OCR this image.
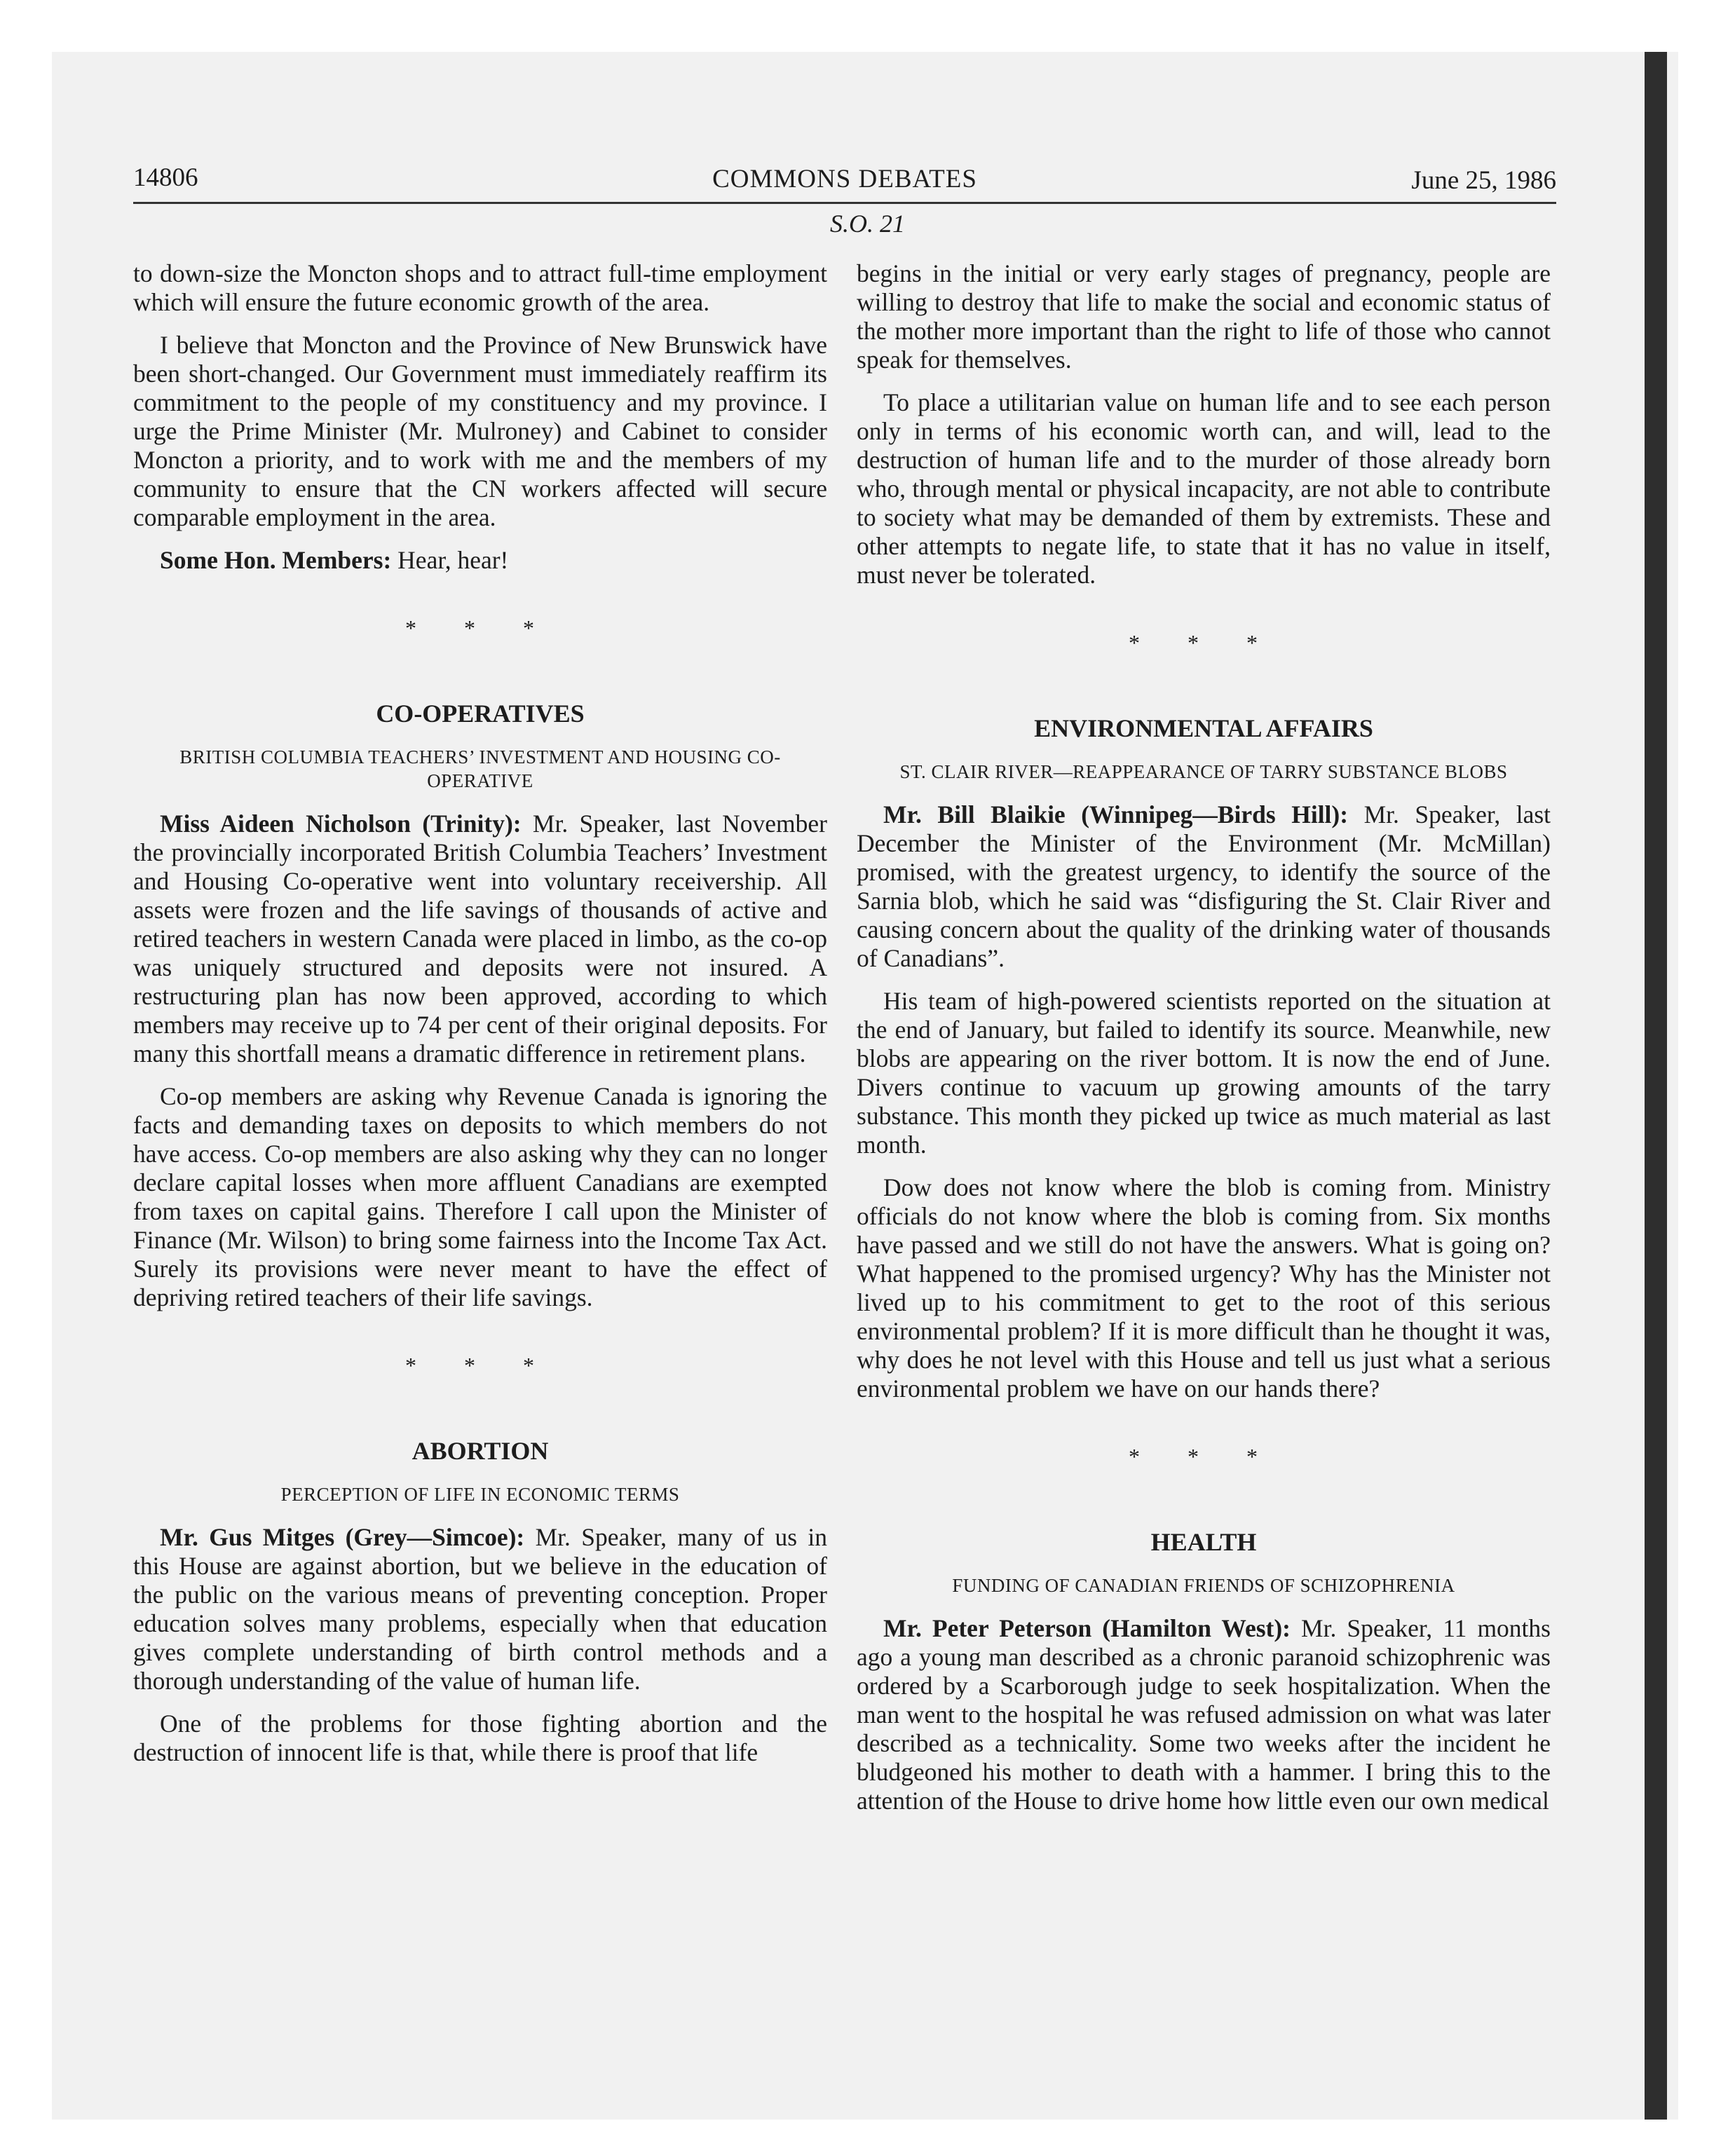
14806	COMMONS DEBATES	June 25, 1986
S.O. 21

to down-size the Moncton shops and to attract full-time employment which will ensure the future economic growth of the area.

I believe that Moncton and the Province of New Brunswick have been short-changed. Our Government must immediately reaffirm its commitment to the people of my constituency and my province. I urge the Prime Minister (Mr. Mulroney) and Cabinet to consider Moncton a priority, and to work with me and the members of my community to ensure that the CN workers affected will secure comparable employment in the area.

Some Hon. Members: Hear, hear!

* * *
CO-OPERATIVES
BRITISH COLUMBIA TEACHERS’ INVESTMENT AND HOUSING CO-OPERATIVE

Miss Aideen Nicholson (Trinity): Mr. Speaker, last November the provincially incorporated British Columbia Teachers’ Investment and Housing Co-operative went into voluntary receivership. All assets were frozen and the life savings of thousands of active and retired teachers in western Canada were placed in limbo, as the co-op was uniquely structured and deposits were not insured. A restructuring plan has now been approved, according to which members may receive up to 74 per cent of their original deposits. For many this shortfall means a dramatic difference in retirement plans.

Co-op members are asking why Revenue Canada is ignoring the facts and demanding taxes on deposits to which members do not have access. Co-op members are also asking why they can no longer declare capital losses when more affluent Canadians are exempted from taxes on capital gains. Therefore I call upon the Minister of Finance (Mr. Wilson) to bring some fairness into the Income Tax Act. Surely its provisions were never meant to have the effect of depriving retired teachers of their life savings.

* * *
ABORTION
PERCEPTION OF LIFE IN ECONOMIC TERMS

Mr. Gus Mitges (Grey—Simcoe): Mr. Speaker, many of us in this House are against abortion, but we believe in the education of the public on the various means of preventing conception. Proper education solves many problems, especially when that education gives complete understanding of birth control methods and a thorough understanding of the value of human life.

One of the problems for those fighting abortion and the destruction of innocent life is that, while there is proof that life

begins in the initial or very early stages of pregnancy, people are willing to destroy that life to make the social and economic status of the mother more important than the right to life of those who cannot speak for themselves.

To place a utilitarian value on human life and to see each person only in terms of his economic worth can, and will, lead to the destruction of human life and to the murder of those already born who, through mental or physical incapacity, are not able to contribute to society what may be demanded of them by extremists. These and other attempts to negate life, to state that it has no value in itself, must never be tolerated.

* * *
ENVIRONMENTAL AFFAIRS
ST. CLAIR RIVER—REAPPEARANCE OF TARRY SUBSTANCE BLOBS

Mr. Bill Blaikie (Winnipeg—Birds Hill): Mr. Speaker, last December the Minister of the Environment (Mr. McMillan) promised, with the greatest urgency, to identify the source of the Sarnia blob, which he said was “disfiguring the St. Clair River and causing concern about the quality of the drinking water of thousands of Canadians”.

His team of high-powered scientists reported on the situation at the end of January, but failed to identify its source. Meanwhile, new blobs are appearing on the river bottom. It is now the end of June. Divers continue to vacuum up growing amounts of the tarry substance. This month they picked up twice as much material as last month.

Dow does not know where the blob is coming from. Ministry officials do not know where the blob is coming from. Six months have passed and we still do not have the answers. What is going on? What happened to the promised urgency? Why has the Minister not lived up to his commitment to get to the root of this serious environmental problem? If it is more difficult than he thought it was, why does he not level with this House and tell us just what a serious environmental problem we have on our hands there?

* * *
HEALTH
FUNDING OF CANADIAN FRIENDS OF SCHIZOPHRENIA

Mr. Peter Peterson (Hamilton West): Mr. Speaker, 11 months ago a young man described as a chronic paranoid schizophrenic was ordered by a Scarborough judge to seek hospitalization. When the man went to the hospital he was refused admission on what was later described as a technicality. Some two weeks after the incident he bludgeoned his mother to death with a hammer. I bring this to the attention of the House to drive home how little even our own medical
